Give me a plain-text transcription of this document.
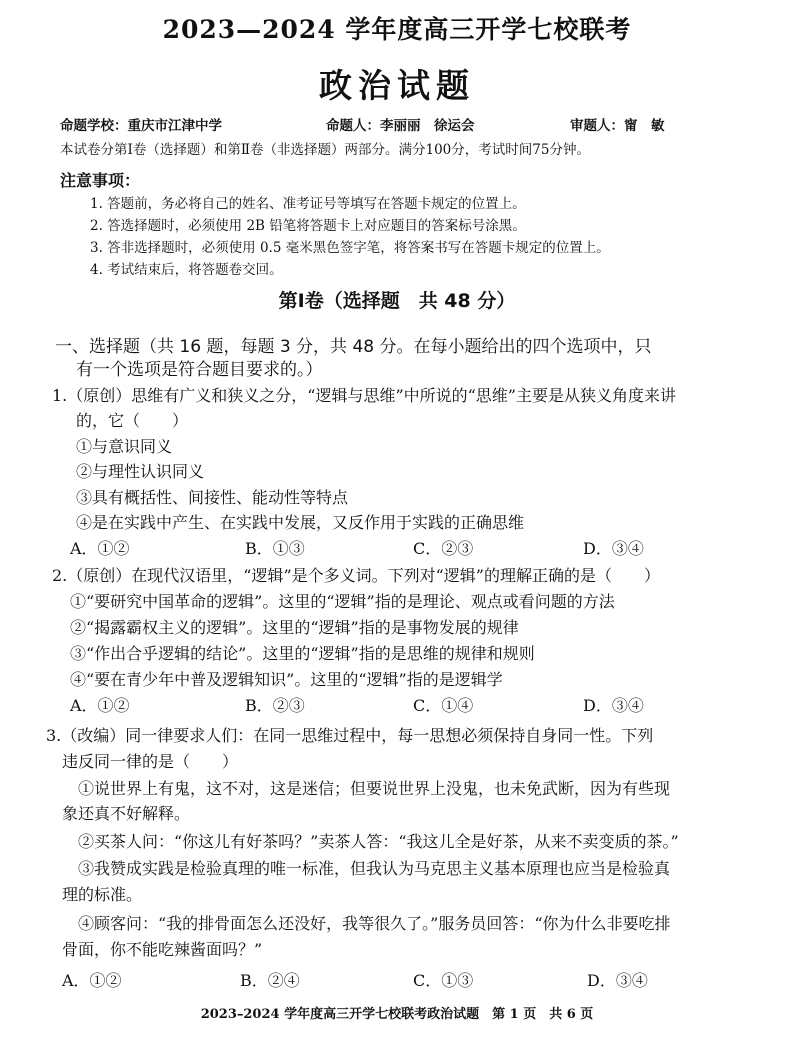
2023—2024 学年度高三开学七校联考
政治试题
命题学校：重庆市江津中学	命题人：李丽丽　徐运会	审题人：甯　敏
本试卷分第Ⅰ卷（选择题）和第Ⅱ卷（非选择题）两部分。满分100分，考试时间75分钟。
注意事项：
1. 答题前，务必将自己的姓名、准考证号等填写在答题卡规定的位置上。
2. 答选择题时，必须使用 2B 铅笔将答题卡上对应题目的答案标号涂黑。
3. 答非选择题时，必须使用 0.5 毫米黑色签字笔，将答案书写在答题卡规定的位置上。
4. 考试结束后，将答题卷交回。
第Ⅰ卷（选择题　共 48 分）
一、选择题（共 16 题，每题 3 分，共 48 分。在每小题给出的四个选项中，只
有一个选项是符合题目要求的。）
1.（原创）思维有广义和狭义之分，“逻辑与思维”中所说的“思维”主要是从狭义角度来讲
的，它（　　）
①与意识同义
②与理性认识同义
③具有概括性、间接性、能动性等特点
④是在实践中产生、在实践中发展，又反作用于实践的正确思维
A．①②	B．①③	C．②③	D．③④
2.（原创）在现代汉语里，“逻辑”是个多义词。下列对“逻辑”的理解正确的是（　　）
①“要研究中国革命的逻辑”。这里的“逻辑”指的是理论、观点或看问题的方法
②“揭露霸权主义的逻辑”。这里的“逻辑”指的是事物发展的规律
③“作出合乎逻辑的结论”。这里的“逻辑”指的是思维的规律和规则
④“要在青少年中普及逻辑知识”。这里的“逻辑”指的是逻辑学
A．①②	B．②③	C．①④	D．③④
3.（改编）同一律要求人们：在同一思维过程中，每一思想必须保持自身同一性。下列
违反同一律的是（　　）
①说世界上有鬼，这不对，这是迷信；但要说世界上没鬼，也未免武断，因为有些现
象还真不好解释。
②买茶人问：“你这儿有好茶吗？”卖茶人答：“我这儿全是好茶，从来不卖变质的茶。”
③我赞成实践是检验真理的唯一标准，但我认为马克思主义基本原理也应当是检验真
理的标准。
④顾客问：“我的排骨面怎么还没好，我等很久了。”服务员回答：“你为什么非要吃排
骨面，你不能吃辣酱面吗？”
A．①②	B．②④	C．①③	D．③④
2023–2024 学年度高三开学七校联考政治试题　第 1 页　共 6 页
